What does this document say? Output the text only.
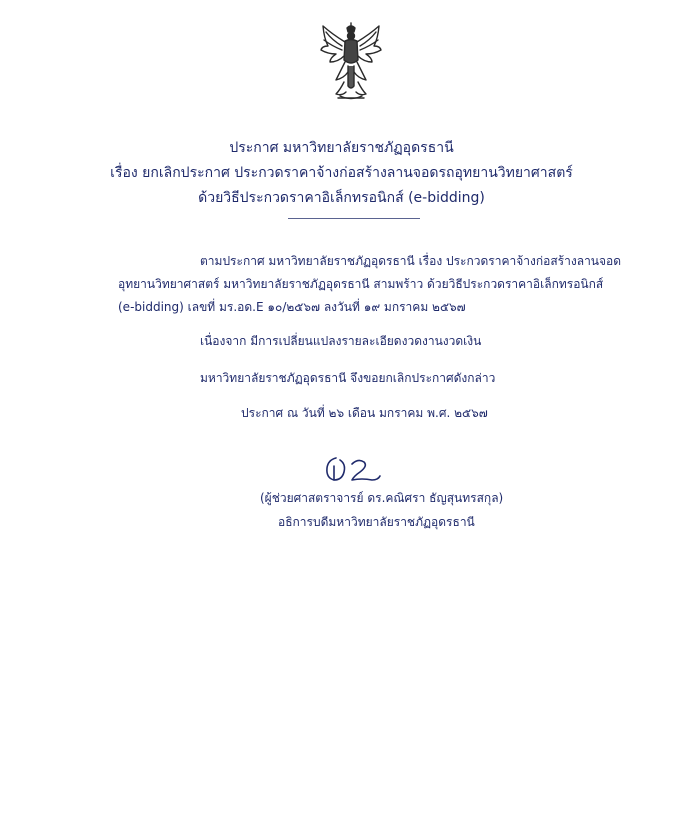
ประกาศ มหาวิทยาลัยราชภัฏอุดรธานี
เรื่อง ยกเลิกประกาศ ประกวดราคาจ้างก่อสร้างลานจอดรถอุทยานวิทยาศาสตร์
ด้วยวิธีประกวดราคาอิเล็กทรอนิกส์ (e-bidding)
ตามประกาศ มหาวิทยาลัยราชภัฏอุดรธานี เรื่อง ประกวดราคาจ้างก่อสร้างลานจอด
อุทยานวิทยาศาสตร์ มหาวิทยาลัยราชภัฏอุดรธานี สามพร้าว ด้วยวิธีประกวดราคาอิเล็กทรอนิกส์
(e-bidding) เลขที่ มร.อด.E ๑๐/๒๕๖๗ ลงวันที่ ๑๙ มกราคม ๒๕๖๗
เนื่องจาก มีการเปลี่ยนแปลงรายละเอียดงวดงานงวดเงิน
มหาวิทยาลัยราชภัฏอุดรธานี จึงขอยกเลิกประกาศดังกล่าว
ประกาศ ณ วันที่ ๒๖ เดือน มกราคม พ.ศ. ๒๕๖๗
(ผู้ช่วยศาสตราจารย์ ดร.คณิศรา ธัญสุนทรสกุล)
อธิการบดีมหาวิทยาลัยราชภัฏอุดรธานี
